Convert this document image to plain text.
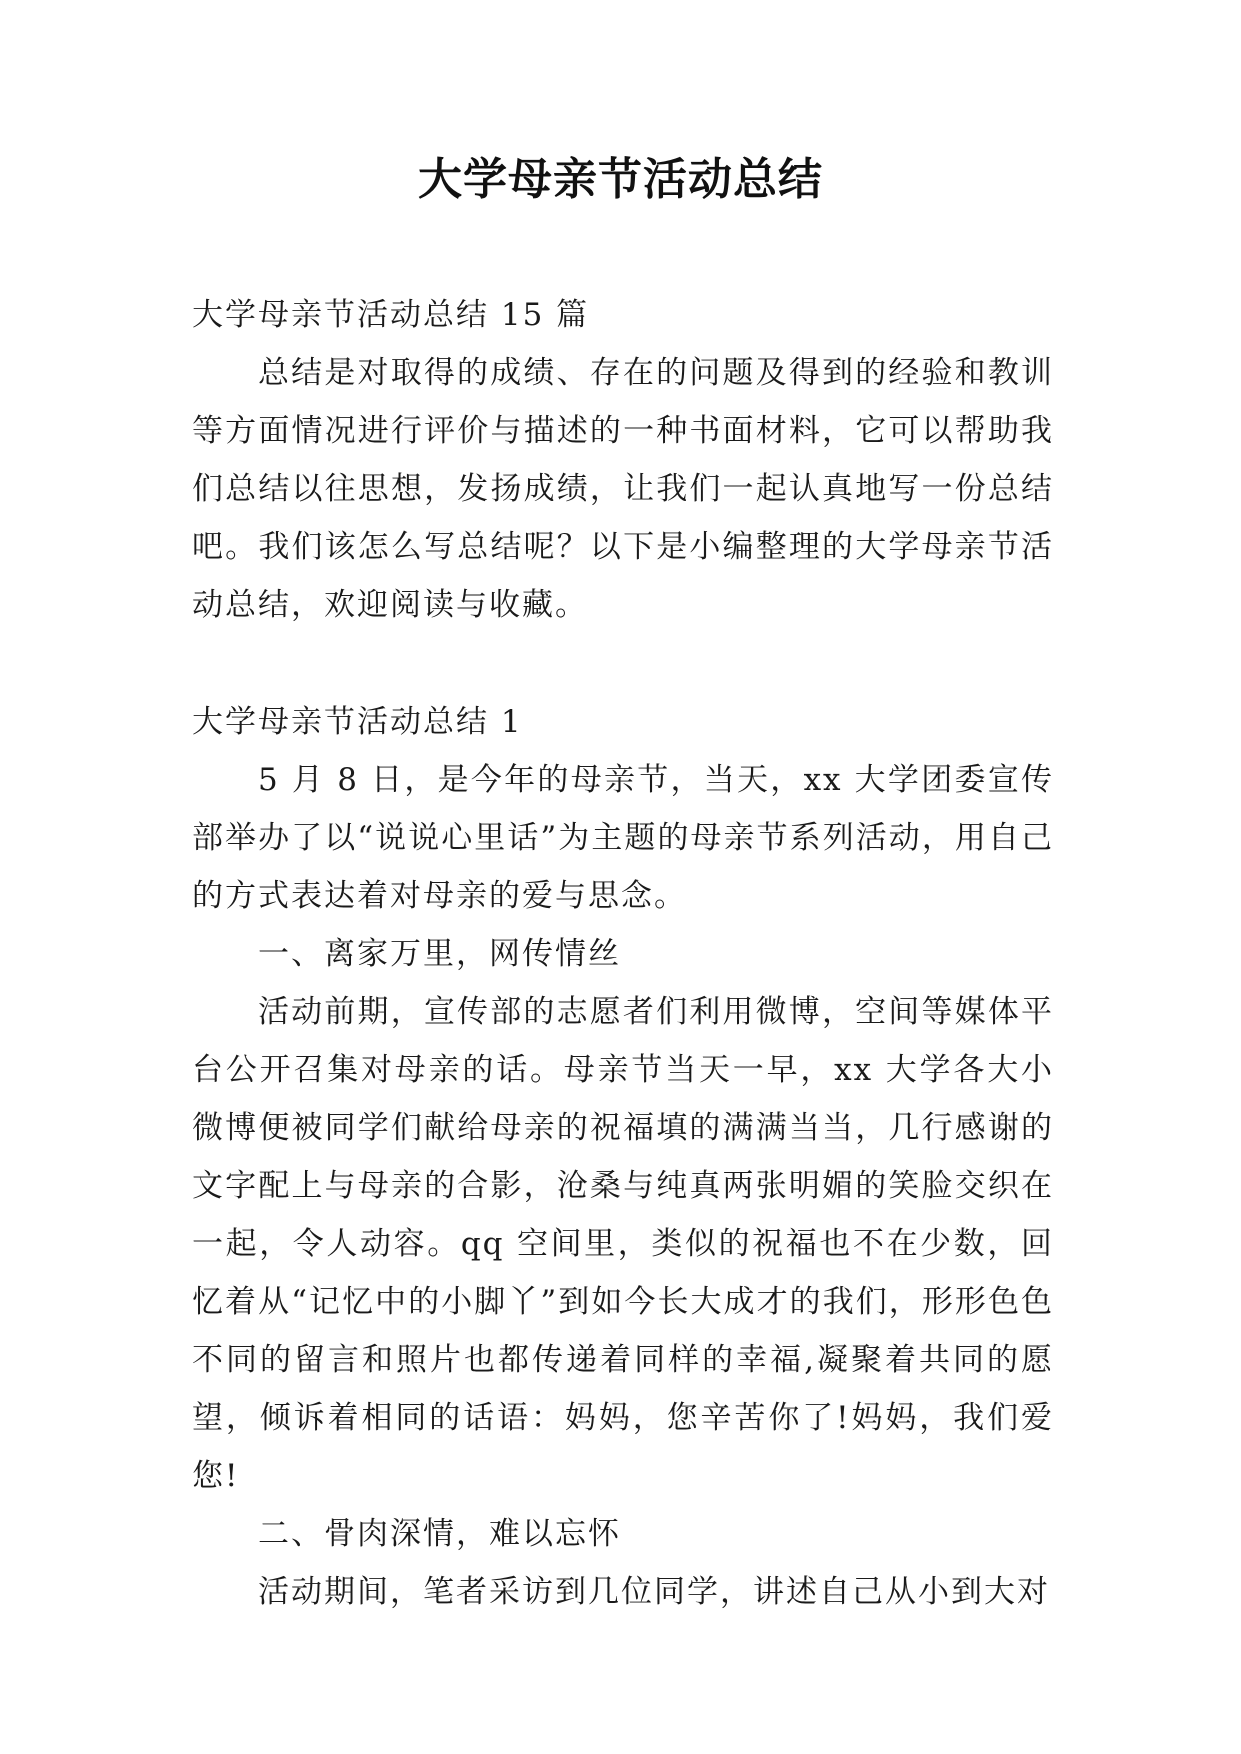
大学母亲节活动总结

大学母亲节活动总结 15 篇

总结是对取得的成绩、存在的问题及得到的经验和教训等方面情况进行评价与描述的一种书面材料，它可以帮助我们总结以往思想，发扬成绩，让我们一起认真地写一份总结吧。我们该怎么写总结呢？以下是小编整理的大学母亲节活动总结，欢迎阅读与收藏。

大学母亲节活动总结 1

5 月 8 日，是今年的母亲节，当天，xx 大学团委宣传部举办了以“说说心里话”为主题的母亲节系列活动，用自己的方式表达着对母亲的爱与思念。

一、离家万里，网传情丝

活动前期，宣传部的志愿者们利用微博，空间等媒体平台公开召集对母亲的话。母亲节当天一早，xx 大学各大小微博便被同学们献给母亲的祝福填的满满当当，几行感谢的文字配上与母亲的合影，沧桑与纯真两张明媚的笑脸交织在一起，令人动容。qq 空间里，类似的祝福也不在少数，回忆着从“记忆中的小脚丫”到如今长大成才的我们，形形色色不同的留言和照片也都传递着同样的幸福,凝聚着共同的愿望，倾诉着相同的话语：妈妈，您辛苦你了!妈妈，我们爱您!

二、骨肉深情，难以忘怀

活动期间，笔者采访到几位同学，讲述自己从小到大对
